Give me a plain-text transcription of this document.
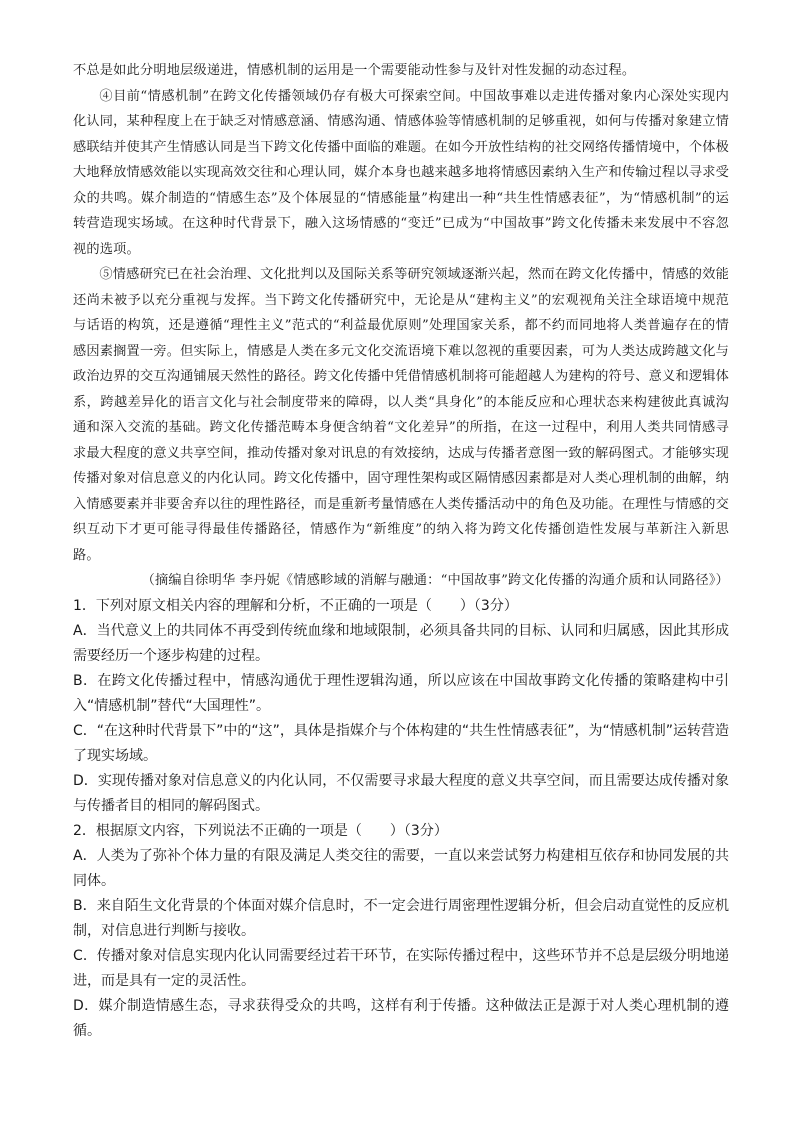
不总是如此分明地层级递进，情感机制的运用是一个需要能动性参与及针对性发掘的动态过程。

④目前“情感机制”在跨文化传播领域仍存有极大可探索空间。中国故事难以走进传播对象内心深处实现内化认同，某种程度上在于缺乏对情感意涵、情感沟通、情感体验等情感机制的足够重视，如何与传播对象建立情感联结并使其产生情感认同是当下跨文化传播中面临的难题。在如今开放性结构的社交网络传播情境中，个体极大地释放情感效能以实现高效交往和心理认同，媒介本身也越来越多地将情感因素纳入生产和传输过程以寻求受众的共鸣。媒介制造的“情感生态”及个体展显的“情感能量”构建出一种“共生性情感表征”，为“情感机制”的运转营造现实场域。在这种时代背景下，融入这场情感的“变迁”已成为“中国故事”跨文化传播未来发展中不容忽视的选项。

⑤情感研究已在社会治理、文化批判以及国际关系等研究领域逐渐兴起，然而在跨文化传播中，情感的效能还尚未被予以充分重视与发挥。当下跨文化传播研究中，无论是从“建构主义”的宏观视角关注全球语境中规范与话语的构筑，还是遵循“理性主义”范式的“利益最优原则”处理国家关系，都不约而同地将人类普遍存在的情感因素搁置一旁。但实际上，情感是人类在多元文化交流语境下难以忽视的重要因素，可为人类达成跨越文化与政治边界的交互沟通铺展天然性的路径。跨文化传播中凭借情感机制将可能超越人为建构的符号、意义和逻辑体系，跨越差异化的语言文化与社会制度带来的障碍，以人类“具身化”的本能反应和心理状态来构建彼此真诚沟通和深入交流的基础。跨文化传播范畴本身便含纳着“文化差异”的所指，在这一过程中，利用人类共同情感寻求最大程度的意义共享空间，推动传播对象对讯息的有效接纳，达成与传播者意图一致的解码图式。才能够实现传播对象对信息意义的内化认同。跨文化传播中，固守理性架构或区隔情感因素都是对人类心理机制的曲解，纳入情感要素并非要舍弃以往的理性路径，而是重新考量情感在人类传播活动中的角色及功能。在理性与情感的交织互动下才更可能寻得最佳传播路径，情感作为“新维度”的纳入将为跨文化传播创造性发展与革新注入新思路。

（摘编自徐明华 李丹妮《情感畛域的消解与融通：“中国故事”跨文化传播的沟通介质和认同路径》）

1．下列对原文相关内容的理解和分析，不正确的一项是（　　）（3分）

A．当代意义上的共同体不再受到传统血缘和地域限制，必须具备共同的目标、认同和归属感，因此其形成需要经历一个逐步构建的过程。

B．在跨文化传播过程中，情感沟通优于理性逻辑沟通，所以应该在中国故事跨文化传播的策略建构中引入“情感机制”替代“大国理性”。

C．“在这种时代背景下”中的“这”，具体是指媒介与个体构建的“共生性情感表征”，为“情感机制”运转营造了现实场域。

D．实现传播对象对信息意义的内化认同，不仅需要寻求最大程度的意义共享空间，而且需要达成传播对象与传播者目的相同的解码图式。

2．根据原文内容，下列说法不正确的一项是（　　）（3分）

A．人类为了弥补个体力量的有限及满足人类交往的需要，一直以来尝试努力构建相互依存和协同发展的共同体。

B．来自陌生文化背景的个体面对媒介信息时，不一定会进行周密理性逻辑分析，但会启动直觉性的反应机制，对信息进行判断与接收。

C．传播对象对信息实现内化认同需要经过若干环节，在实际传播过程中，这些环节并不总是层级分明地递进，而是具有一定的灵活性。

D．媒介制造情感生态，寻求获得受众的共鸣，这样有利于传播。这种做法正是源于对人类心理机制的遵循。
